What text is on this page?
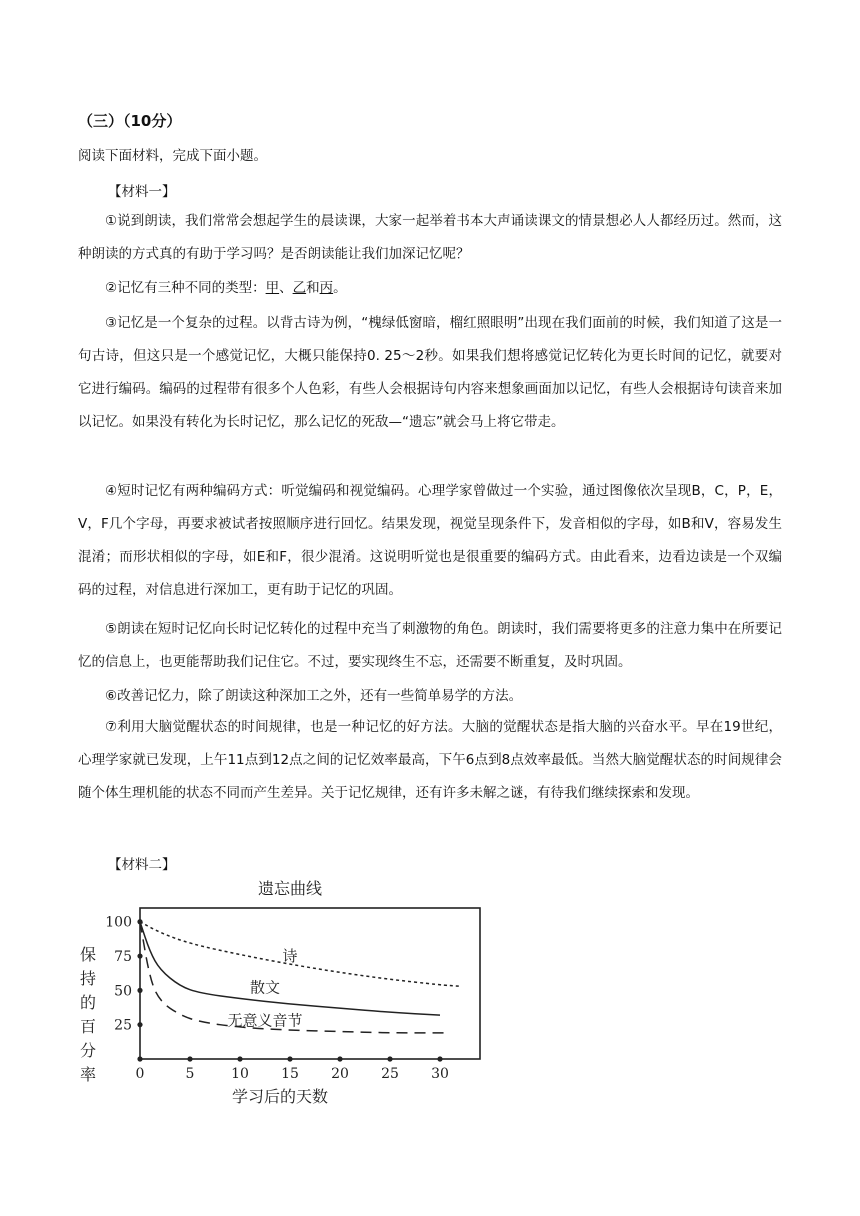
（三）（10分）
阅读下面材料，完成下面小题。
【材料一】
①说到朗读，我们常常会想起学生的晨读课，大家一起举着书本大声诵读课文的情景想必人人都经历过。然而，这种朗读的方式真的有助于学习吗？是否朗读能让我们加深记忆呢？
②记忆有三种不同的类型：甲、乙和丙。
③记忆是一个复杂的过程。以背古诗为例，“槐绿低窗暗，榴红照眼明”出现在我们面前的时候，我们知道了这是一句古诗，但这只是一个感觉记忆，大概只能保持0. 25～2秒。如果我们想将感觉记忆转化为更长时间的记忆，就要对它进行编码。编码的过程带有很多个人色彩，有些人会根据诗句内容来想象画面加以记忆，有些人会根据诗句读音来加以记忆。如果没有转化为长时记忆，那么记忆的死敌—“遗忘”就会马上将它带走。
④短时记忆有两种编码方式：听觉编码和视觉编码。心理学家曾做过一个实验，通过图像依次呈现B，C，P，E，V，F几个字母，再要求被试者按照顺序进行回忆。结果发现，视觉呈现条件下，发音相似的字母，如B和V，容易发生混淆；而形状相似的字母，如E和F，很少混淆。这说明听觉也是很重要的编码方式。由此看来，边看边读是一个双编码的过程，对信息进行深加工，更有助于记忆的巩固。
⑤朗读在短时记忆向长时记忆转化的过程中充当了刺激物的角色。朗读时，我们需要将更多的注意力集中在所要记忆的信息上，也更能帮助我们记住它。不过，要实现终生不忘，还需要不断重复，及时巩固。
⑥改善记忆力，除了朗读这种深加工之外，还有一些简单易学的方法。
⑦利用大脑觉醒状态的时间规律，也是一种记忆的好方法。大脑的觉醒状态是指大脑的兴奋水平。早在19世纪，心理学家就已发现，上午11点到12点之间的记忆效率最高，下午6点到8点效率最低。当然大脑觉醒状态的时间规律会随个体生理机能的状态不同而产生差异。关于记忆规律，还有许多未解之谜，有待我们继续探索和发现。
【材料二】
遗忘曲线
保
持
的
百
分
率
学习后的天数
25
50
75
100
0	5	10 15 20 25 30
诗
散文
无意义音节
